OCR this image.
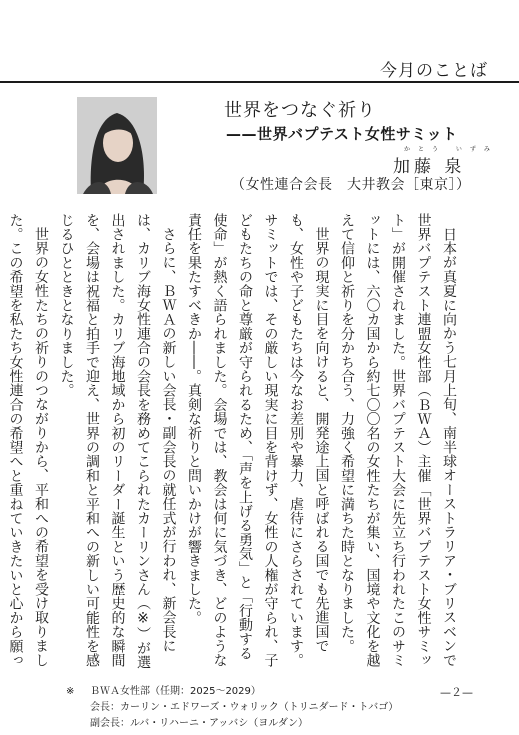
今月のことば
世界をつなぐ祈り
——世界バプテスト女性サミット
かとう いずみ
加藤 泉
（女性連合会長　大井教会［東京］）

日本が真夏に向かう七月上旬、南半球オーストラリア・ブリスベンで世界バプテスト連盟女性部（ＢＷＡ）主催「世界バプテスト女性サミット」が開催されました。世界バプテスト大会に先立ち行われたこのサミットには、六〇カ国から約七〇〇名の女性たちが集い、国境や文化を越えて信仰と祈りを分かち合う、力強く希望に満ちた時となりました。

世界の現実に目を向けると、開発途上国と呼ばれる国でも先進国でも、女性や子どもたちは今なお差別や暴力、虐待にさらされています。サミットでは、その厳しい現実に目を背けず、女性の人権が守られ、子どもたちの命と尊厳が守られるため、「声を上げる勇気」と「行動する使命」が熱く語られました。会場では、教会は何に気づき、どのような責任を果たすべきか――。真剣な祈りと問いかけが響きました。

さらに、ＢＷＡの新しい会長・副会長の就任式が行われ、新会長には、カリブ海女性連合の会長を務めてこられたカーリンさん（※）が選出されました。カリブ海地域から初のリーダー誕生という歴史的な瞬間を、会場は祝福と拍手で迎え、世界の調和と平和への新しい可能性を感じるひとときとなりました。

世界の女性たちの祈りのつながりから、平和への希望を受け取りました。この希望を私たち女性連合の希望へと重ねていきたいと心から願っ

※ ＢＷＡ女性部（任期：2025〜2029）
会長：カーリン・エドワーズ・ウォリック（トリニダード・トバゴ）
副会長：ルバ・リハーニ・アッバシ（ヨルダン）
—２—
